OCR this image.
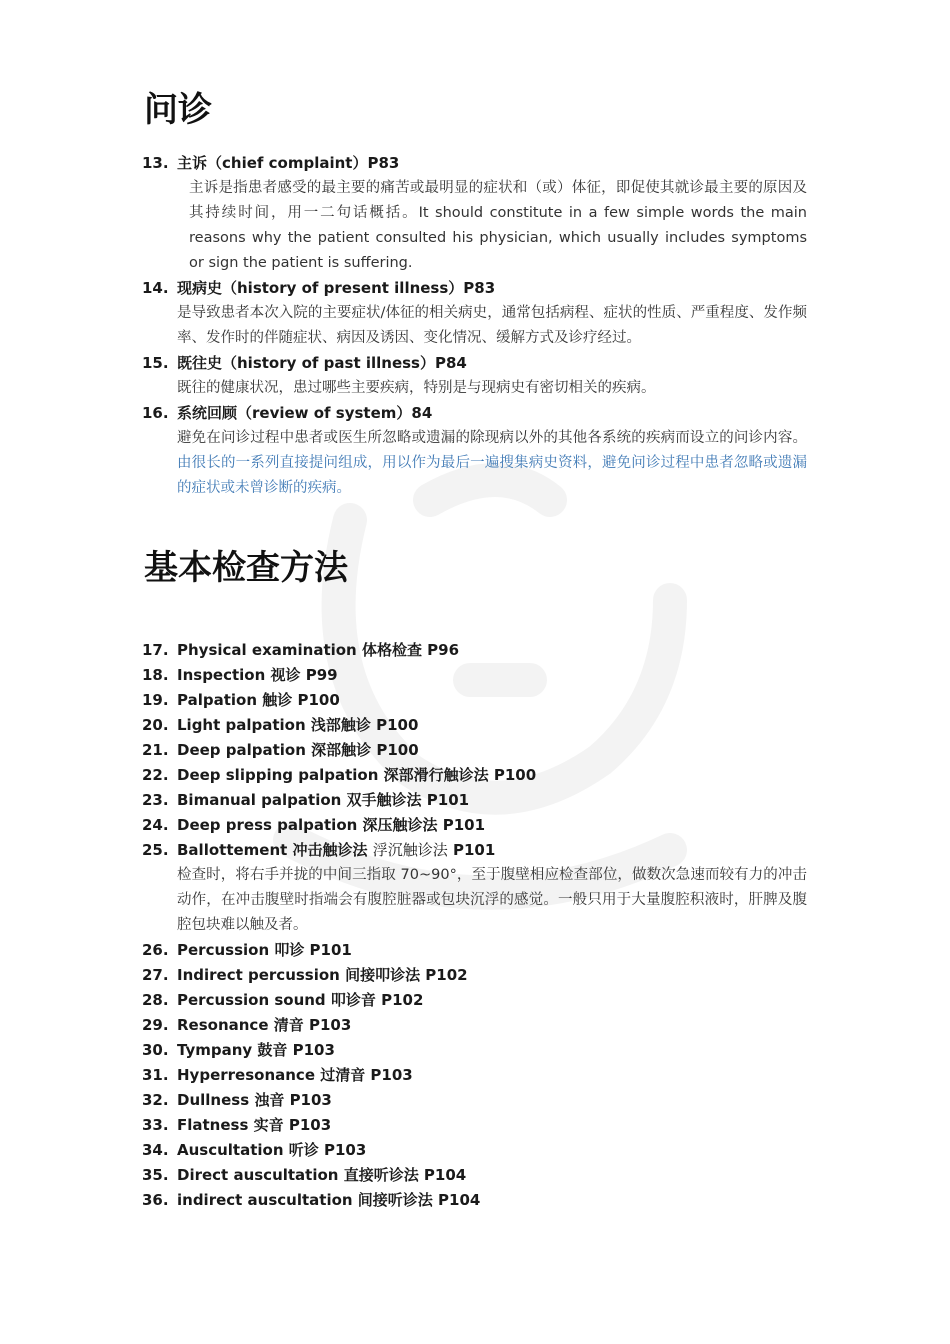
问诊
13. 主诉（chief complaint）P83
主诉是指患者感受的最主要的痛苦或最明显的症状和（或）体征，即促使其就诊最主要的原因及其持续时间，用一二句话概括。It should constitute in a few simple words the main reasons why the patient consulted his physician, which usually includes symptoms or sign the patient is suffering.
14. 现病史（history of present illness）P83
是导致患者本次入院的主要症状/体征的相关病史，通常包括病程、症状的性质、严重程度、发作频率、发作时的伴随症状、病因及诱因、变化情况、缓解方式及诊疗经过。
15. 既往史（history of past illness）P84
既往的健康状况，患过哪些主要疾病，特别是与现病史有密切相关的疾病。
16. 系统回顾（review of system）84
避免在问诊过程中患者或医生所忽略或遗漏的除现病以外的其他各系统的疾病而设立的问诊内容。由很长的一系列直接提问组成，用以作为最后一遍搜集病史资料，避免问诊过程中患者忽略或遗漏的症状或未曾诊断的疾病。
基本检查方法
17. Physical examination 体格检查 P96
18. Inspection 视诊 P99
19. Palpation 触诊 P100
20. Light palpation 浅部触诊 P100
21. Deep palpation 深部触诊 P100
22. Deep slipping palpation 深部滑行触诊法 P100
23. Bimanual palpation 双手触诊法 P101
24. Deep press palpation 深压触诊法 P101
25. Ballottement 冲击触诊法 浮沉触诊法 P101
检查时，将右手并拢的中间三指取 70~90°，至于腹壁相应检查部位，做数次急速而较有力的冲击动作，在冲击腹壁时指端会有腹腔脏器或包块沉浮的感觉。一般只用于大量腹腔积液时，肝脾及腹腔包块难以触及者。
26. Percussion 叩诊 P101
27. Indirect percussion 间接叩诊法 P102
28. Percussion sound 叩诊音 P102
29. Resonance 清音 P103
30. Tympany 鼓音 P103
31. Hyperresonance 过清音 P103
32. Dullness 浊音 P103
33. Flatness 实音 P103
34. Auscultation 听诊 P103
35. Direct auscultation 直接听诊法 P104
36. indirect auscultation 间接听诊法 P104
